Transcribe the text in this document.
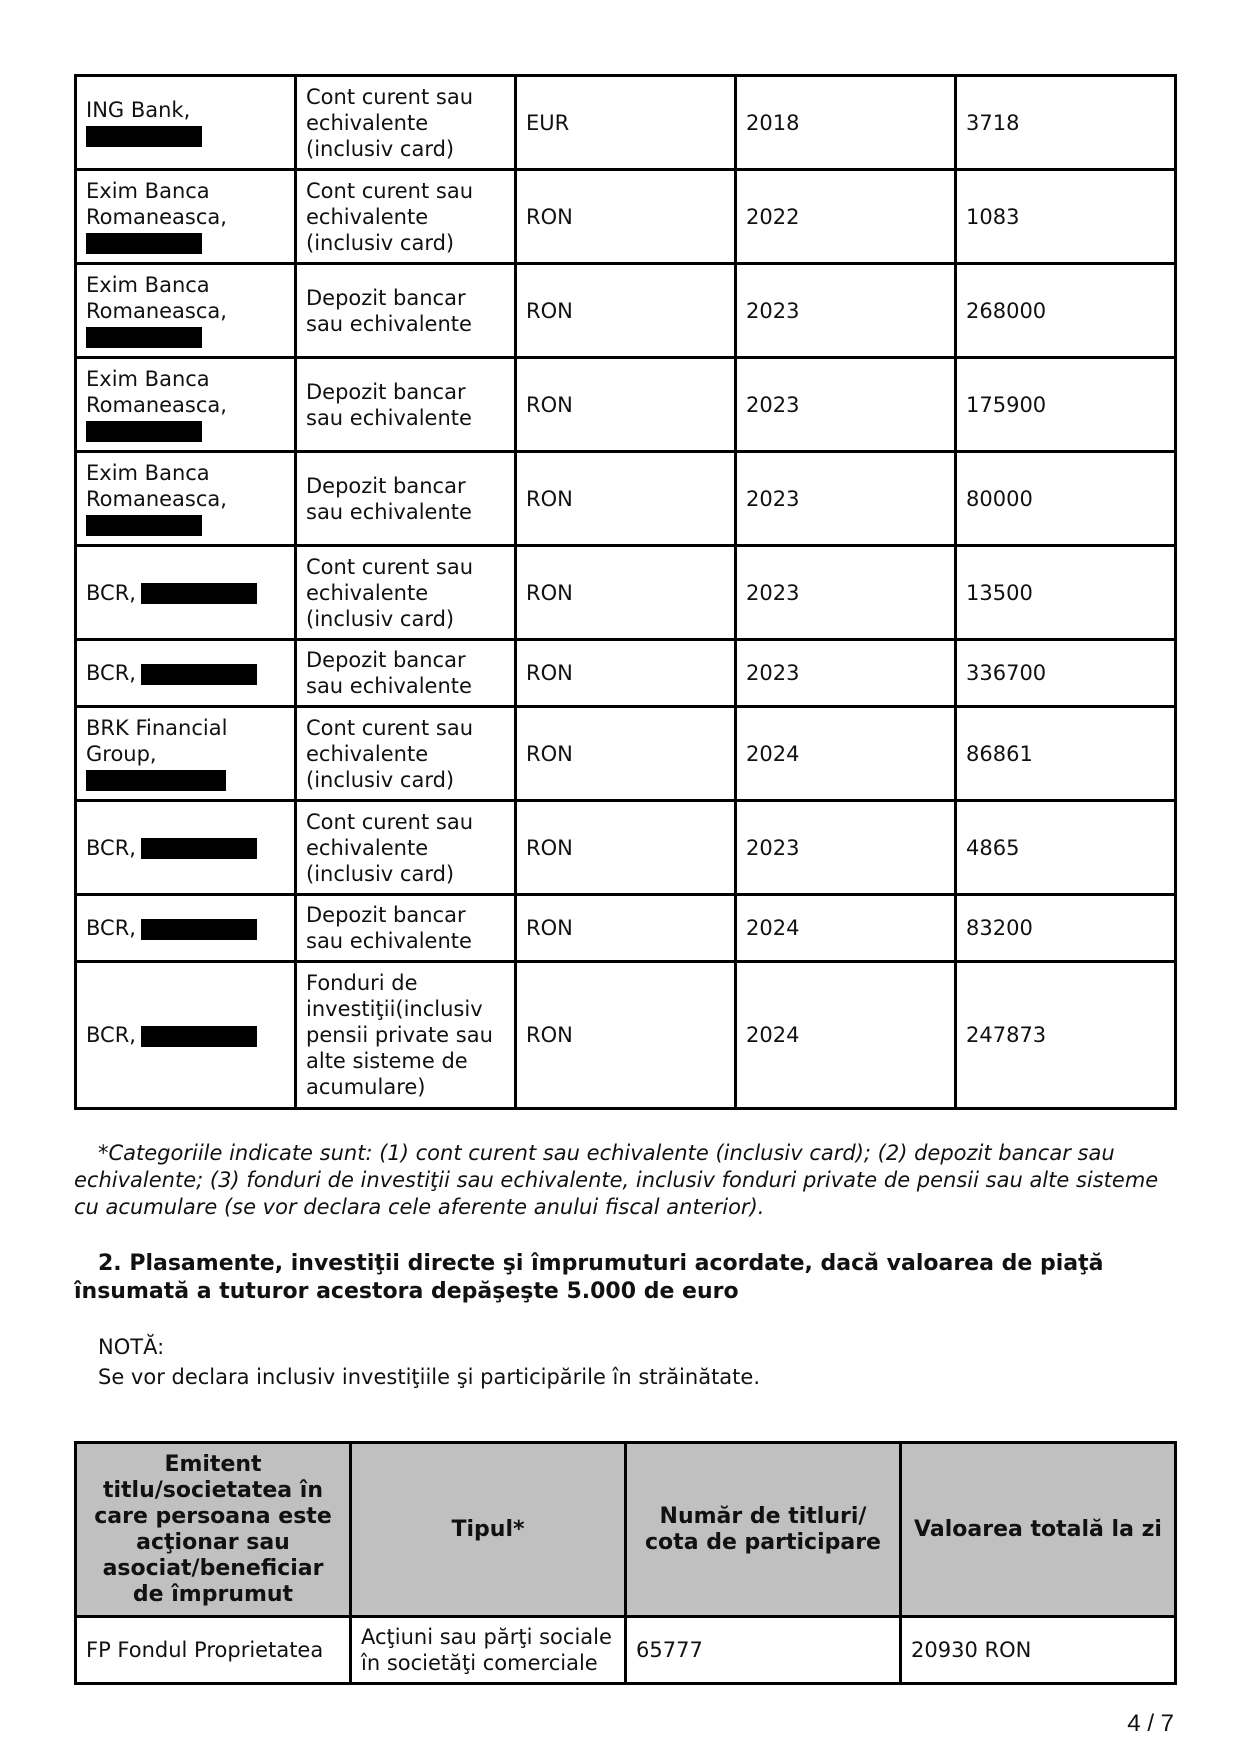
ING Bank,	Cont curent sau echivalente (inclusiv card)	EUR	2018	3718
Exim Banca Romaneasca,	Cont curent sau echivalente (inclusiv card)	RON	2022	1083
Exim Banca Romaneasca,	Depozit bancar sau echivalente	RON	2023	268000
Exim Banca Romaneasca,	Depozit bancar sau echivalente	RON	2023	175900
Exim Banca Romaneasca,	Depozit bancar sau echivalente	RON	2023	80000
BCR,	Cont curent sau echivalente (inclusiv card)	RON	2023	13500
BCR,	Depozit bancar sau echivalente	RON	2023	336700
BRK Financial Group,	Cont curent sau echivalente (inclusiv card)	RON	2024	86861
BCR,	Cont curent sau echivalente (inclusiv card)	RON	2023	4865
BCR,	Depozit bancar sau echivalente	RON	2024	83200
BCR,	Fonduri de investiţii(inclusiv pensii private sau alte sisteme de acumulare)	RON	2024	247873
*Categoriile indicate sunt: (1) cont curent sau echivalente (inclusiv card); (2) depozit bancar sau echivalente; (3) fonduri de investiţii sau echivalente, inclusiv fonduri private de pensii sau alte sisteme cu acumulare (se vor declara cele aferente anului fiscal anterior).
2. Plasamente, investiţii directe şi împrumuturi acordate, dacă valoarea de piaţă însumată a tuturor acestora depăşeşte 5.000 de euro
NOTĂ:
Se vor declara inclusiv investiţiile şi participările în străinătate.
Emitent titlu/societatea în care persoana este acţionar sau asociat/beneficiar de împrumut	Tipul*	Număr de titluri/ cota de participare	Valoarea totală la zi
FP Fondul Proprietatea	Acţiuni sau părţi sociale în societăţi comerciale	65777	20930 RON
4 / 7
